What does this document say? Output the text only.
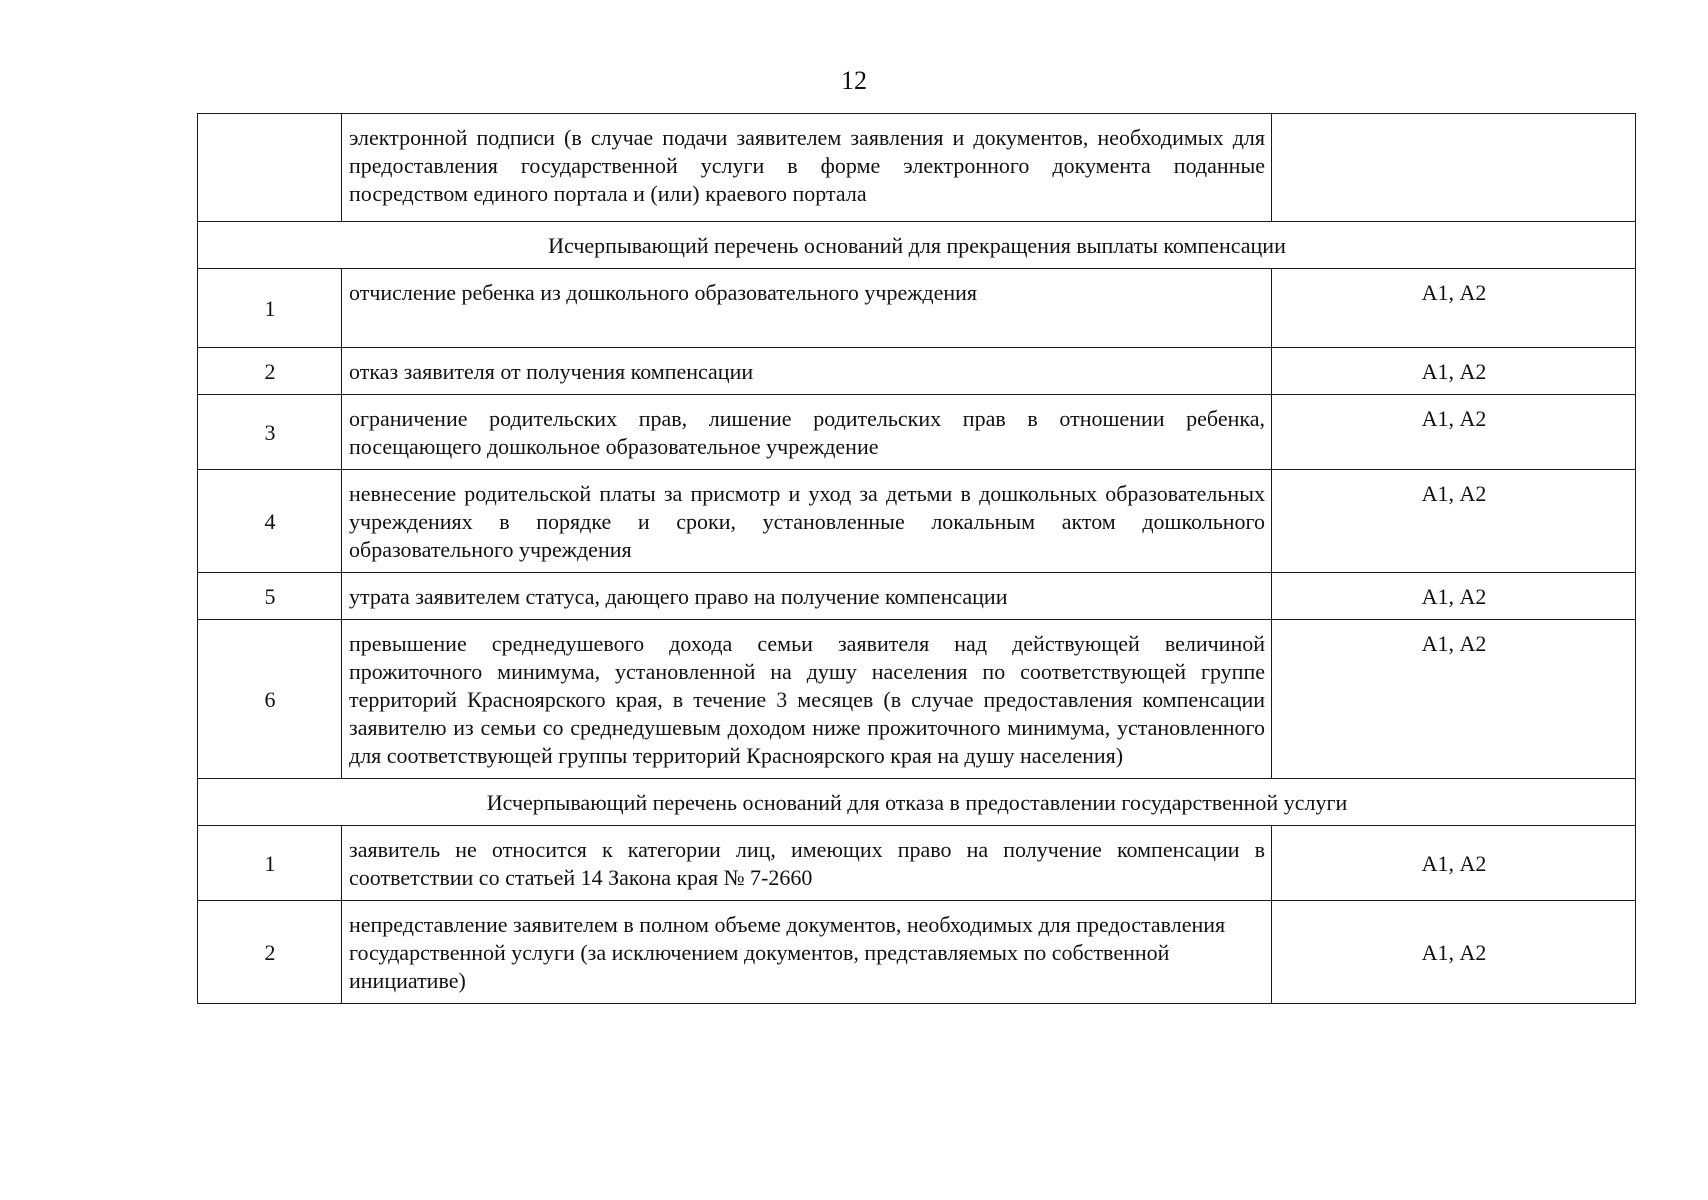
12
	электронной подписи (в случае подачи заявителем заявления и документов, необходимых для предоставления государственной услуги в форме электронного документа поданные посредством единого портала и (или) краевого портала	
Исчерпывающий перечень оснований для прекращения выплаты компенсации		
1	отчисление ребенка из дошкольного образовательного учреждения	А1, А2
2	отказ заявителя от получения компенсации	А1, А2
3	ограничение родительских прав, лишение родительских прав в отношении ребенка, посещающего дошкольное образовательное учреждение	А1, А2
4	невнесение родительской платы за присмотр и уход за детьми в дошкольных образовательных учреждениях в порядке и сроки, установленные локальным актом дошкольного образовательного учреждения	А1, А2
5	утрата заявителем статуса, дающего право на получение компенсации	А1, А2
6	превышение среднедушевого дохода семьи заявителя над действующей величиной прожиточного минимума, установленной на душу населения по соответствующей группе территорий Красноярского края, в течение 3 месяцев (в случае предоставления компенсации заявителю из семьи со среднедушевым доходом ниже прожиточного минимума, установленного для соответствующей группы территорий Красноярского края на душу населения)	А1, А2
Исчерпывающий перечень оснований для отказа в предоставлении государственной услуги		
1	заявитель не относится к категории лиц, имеющих право на получение компенсации в соответствии со статьей 14 Закона края № 7-2660	А1, А2
2	непредставление заявителем в полном объеме документов, необходимых для предоставления государственной услуги (за исключением документов, представляемых по собственной инициативе)	А1, А2
